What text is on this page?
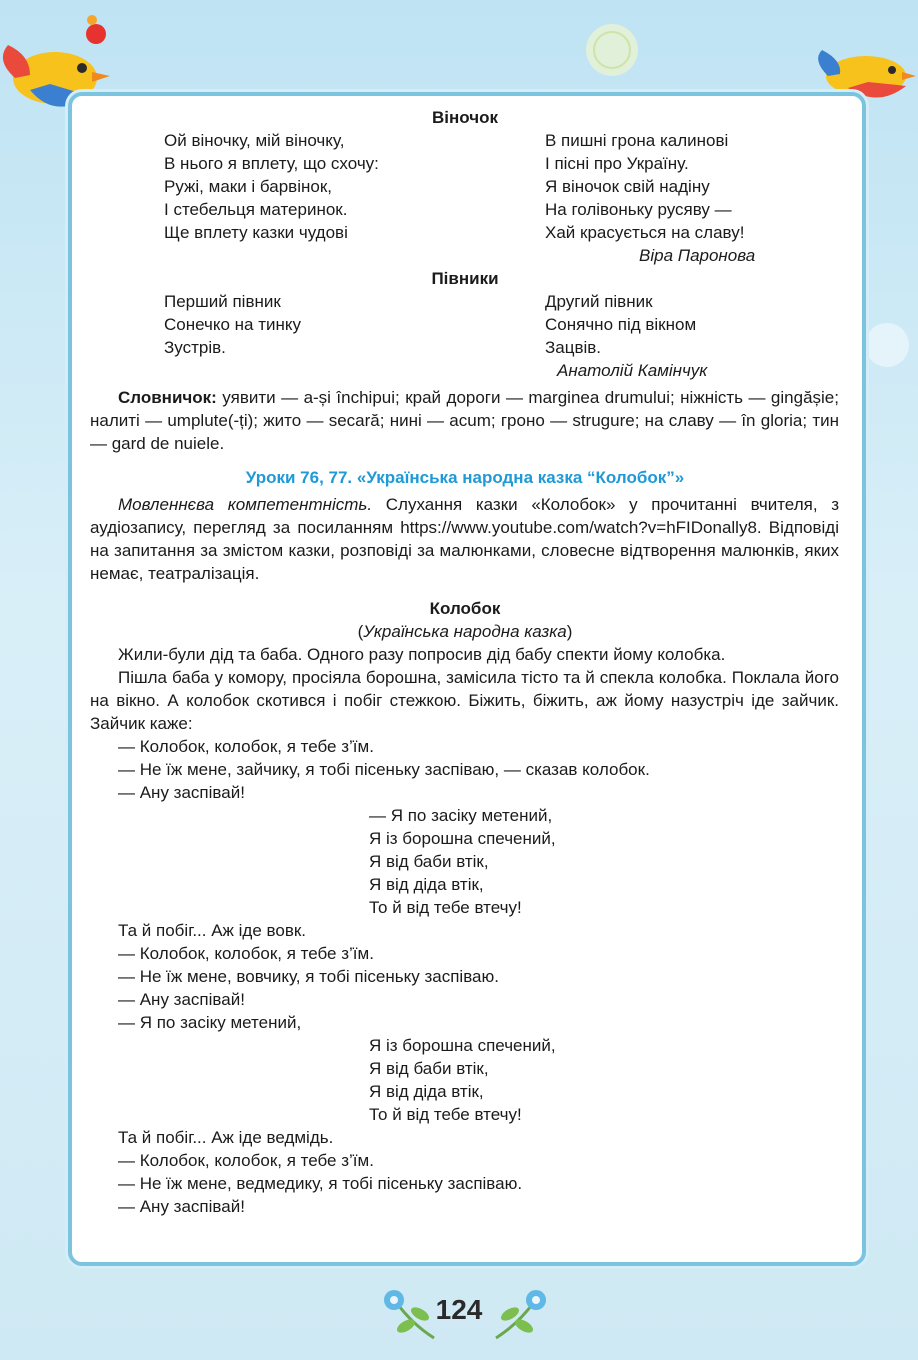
Віночок
Ой віночку, мій віночку,
В нього я вплету, що схочу:
Ружі, маки і барвінок,
І стебельця материнок.
Ще вплету казки чудові
В пишні грона калинові
І пісні про Україну.
Я віночок свій надіну
На голівоньку русяву —
Хай красується на славу!
Віра Паронова
Півники
Перший півник
Сонечко на тинку
Зустрів.
Другий півник
Сонячно під вікном
Зацвів.
Анатолій Камінчук
Словничок: уявити — a-și închipui; край дороги — marginea drumului; ніжність — gingășie; налиті — umplute(-ți); жито — secară; нині — acum; гроно — strugure; на славу — în gloria; тин — gard de nuiele.
Уроки 76, 77. «Українська народна казка “Колобок”»
Мовленнєва компетентність. Слухання казки «Колобок» у прочитанні вчителя, з аудіозапису, перегляд за посиланням https://www.youtube.com/watch?v=hFIDonally8. Відповіді на запитання за змістом казки, розповіді за малюнками, словесне відтворення малюнків, яких немає, театралізація.
Колобок
(Українська народна казка)
Жили-були дід та баба. Одного разу попросив дід бабу спекти йому колобка.
Пішла баба у комору, просіяла борошна, замісила тісто та й спекла колобка. Поклала його на вікно. А колобок скотився і побіг стежкою. Біжить, біжить, аж йому назустріч іде зайчик. Зайчик каже:
— Колобок, колобок, я тебе з’їм.
— Не їж мене, зайчику, я тобі пісеньку заспіваю, — сказав колобок.
— Ану заспівай!
— Я по засіку метений,
Я із борошна спечений,
Я від баби втік,
Я від діда втік,
То й від тебе втечу!
Та й побіг... Аж іде вовк.
— Колобок, колобок, я тебе з’їм.
— Не їж мене, вовчику, я тобі пісеньку заспіваю.
— Ану заспівай!
— Я по засіку метений,
Я із борошна спечений,
Я від баби втік,
Я від діда втік,
То й від тебе втечу!
Та й побіг... Аж іде ведмідь.
— Колобок, колобок, я тебе з’їм.
— Не їж мене, ведмедику, я тобі пісеньку заспіваю.
— Ану заспівай!
124
